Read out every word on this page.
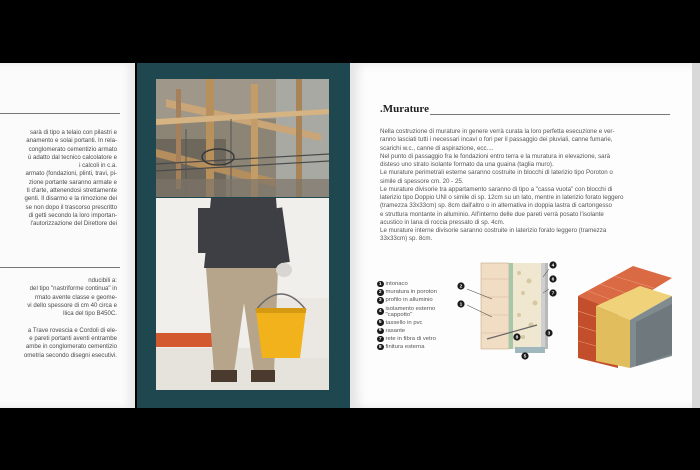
sarà di tipo a telaio con pilastri e
anamento e solai portanti. In rela-
conglomerato cementizio armato
ù adatto dal tecnico calcolatore e
i calcoli in c.a.
armato (fondazioni, plinti, travi, pi-
zione portante saranno armate e
ti d'arte, attenendosi strettamente
genti. Il disarmo e la rimozione dei
se non dopo il trascorso prescritto
di getti secondo la loro importan-
l'autorizzazione del Direttore dei
nducibili a:
del tipo "nastriforme continua" in
rmato avente classe e geome-
vi dello spessore di cm 40 circa e
llica del tipo B450C.

a Trave rovescia e Cordoli di ele-
e pareti portanti aventi entrambe
ambe in conglomerato cementizio
ometria secondo disegni esecutivi.
.Murature
Nella costruzione di murature in genere verrà curata la loro perfetta esecuzione e ver-
ranno lasciati tutti i necessari incavi o fori per il passaggio dei pluviali, canne fumarie,
scarichi w.c., canne di aspirazione, ecc....
Nel punto di passaggio fra le fondazioni entro terra e la muratura in elevazione, sarà
disteso uno strato isolante formato da una guaina (taglia muro).
Le murature perimetrali esterne saranno costruite in blocchi di laterizio tipo Poroton o
simile di spessore cm. 20 - 25.
Le murature divisorie tra appartamento saranno di tipo a "cassa vuota" con blocchi di
laterizio tipo Doppio UNI o simile di sp. 12cm su un lato, mentre in laterizio forato leggero
(tramezza 33x33cm) sp. 8cm dall'altro o in alternativa in doppia lastra di cartongesso
e struttura montante in alluminio. All'interno delle due pareti verrà posato l'isolante
acustico in lana di roccia pressato di sp. 4cm.
Le murature interne divisorie saranno costruite in laterizio forato leggero (tramezza
33x33cm) sp. 8cm.
1 intonaco
2 muratura in poroton
3 profilo in alluminio
4 isolamento esterno
"cappotto"
5 tassello in pvc
6 rasante
7 rete in fibra di vetro
8 finitura esterna
4
2
6
7
1
3
8
5
